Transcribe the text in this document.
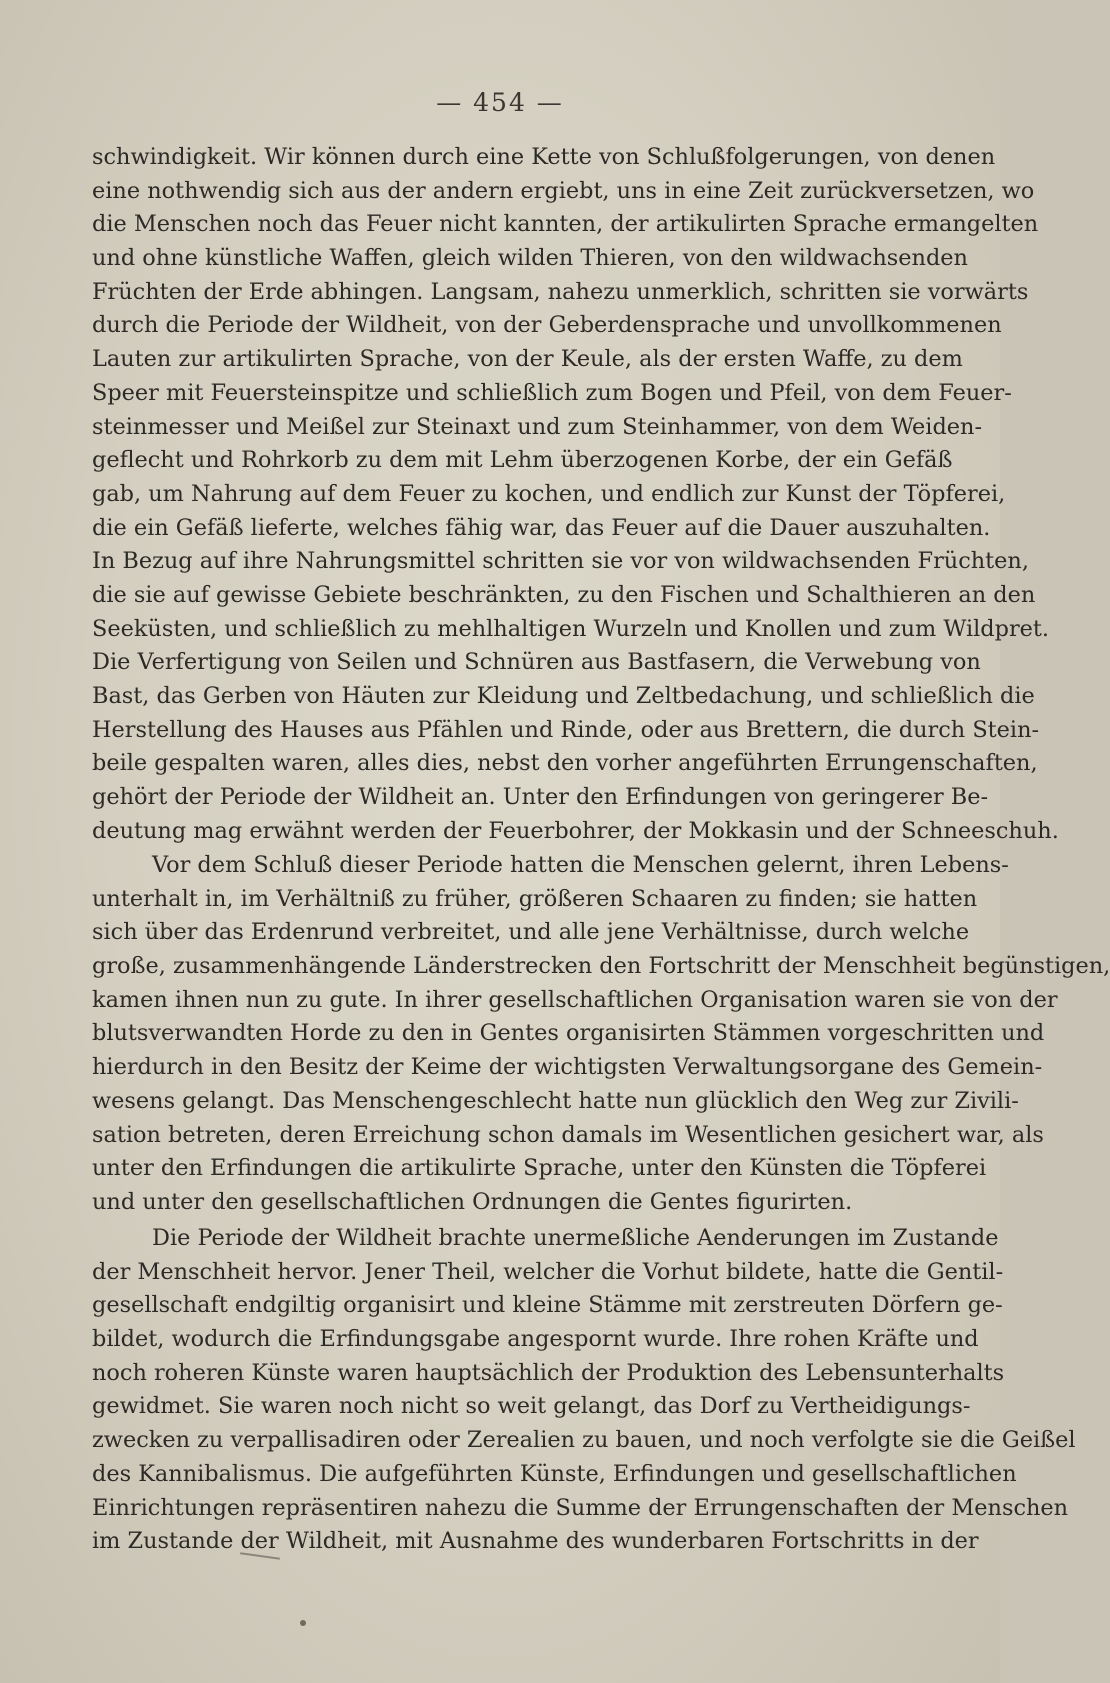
— 454 —
schwindigkeit. Wir können durch eine Kette von Schlußfolgerungen, von denen
eine nothwendig sich aus der andern ergiebt, uns in eine Zeit zurückversetzen, wo
die Menschen noch das Feuer nicht kannten, der artikulirten Sprache ermangelten
und ohne künstliche Waffen, gleich wilden Thieren, von den wildwachsenden
Früchten der Erde abhingen. Langsam, nahezu unmerklich, schritten sie vorwärts
durch die Periode der Wildheit, von der Geberdensprache und unvollkommenen
Lauten zur artikulirten Sprache, von der Keule, als der ersten Waffe, zu dem
Speer mit Feuersteinspitze und schließlich zum Bogen und Pfeil, von dem Feuer-
steinmesser und Meißel zur Steinaxt und zum Steinhammer, von dem Weiden-
geflecht und Rohrkorb zu dem mit Lehm überzogenen Korbe, der ein Gefäß
gab, um Nahrung auf dem Feuer zu kochen, und endlich zur Kunst der Töpferei,
die ein Gefäß lieferte, welches fähig war, das Feuer auf die Dauer auszuhalten.
In Bezug auf ihre Nahrungsmittel schritten sie vor von wildwachsenden Früchten,
die sie auf gewisse Gebiete beschränkten, zu den Fischen und Schalthieren an den
Seeküsten, und schließlich zu mehlhaltigen Wurzeln und Knollen und zum Wildpret.
Die Verfertigung von Seilen und Schnüren aus Bastfasern, die Verwebung von
Bast, das Gerben von Häuten zur Kleidung und Zeltbedachung, und schließlich die
Herstellung des Hauses aus Pfählen und Rinde, oder aus Brettern, die durch Stein-
beile gespalten waren, alles dies, nebst den vorher angeführten Errungenschaften,
gehört der Periode der Wildheit an. Unter den Erfindungen von geringerer Be-
deutung mag erwähnt werden der Feuerbohrer, der Mokkasin und der Schneeschuh.
Vor dem Schluß dieser Periode hatten die Menschen gelernt, ihren Lebens-
unterhalt in, im Verhältniß zu früher, größeren Schaaren zu finden; sie hatten
sich über das Erdenrund verbreitet, und alle jene Verhältnisse, durch welche
große, zusammenhängende Länderstrecken den Fortschritt der Menschheit begünstigen,
kamen ihnen nun zu gute. In ihrer gesellschaftlichen Organisation waren sie von der
blutsverwandten Horde zu den in Gentes organisirten Stämmen vorgeschritten und
hierdurch in den Besitz der Keime der wichtigsten Verwaltungsorgane des Gemein-
wesens gelangt. Das Menschengeschlecht hatte nun glücklich den Weg zur Zivili-
sation betreten, deren Erreichung schon damals im Wesentlichen gesichert war, als
unter den Erfindungen die artikulirte Sprache, unter den Künsten die Töpferei
und unter den gesellschaftlichen Ordnungen die Gentes figurirten.
Die Periode der Wildheit brachte unermeßliche Aenderungen im Zustande
der Menschheit hervor. Jener Theil, welcher die Vorhut bildete, hatte die Gentil-
gesellschaft endgiltig organisirt und kleine Stämme mit zerstreuten Dörfern ge-
bildet, wodurch die Erfindungsgabe angespornt wurde. Ihre rohen Kräfte und
noch roheren Künste waren hauptsächlich der Produktion des Lebensunterhalts
gewidmet. Sie waren noch nicht so weit gelangt, das Dorf zu Vertheidigungs-
zwecken zu verpallisadiren oder Zerealien zu bauen, und noch verfolgte sie die Geißel
des Kannibalismus. Die aufgeführten Künste, Erfindungen und gesellschaftlichen
Einrichtungen repräsentiren nahezu die Summe der Errungenschaften der Menschen
im Zustande der Wildheit, mit Ausnahme des wunderbaren Fortschritts in der
